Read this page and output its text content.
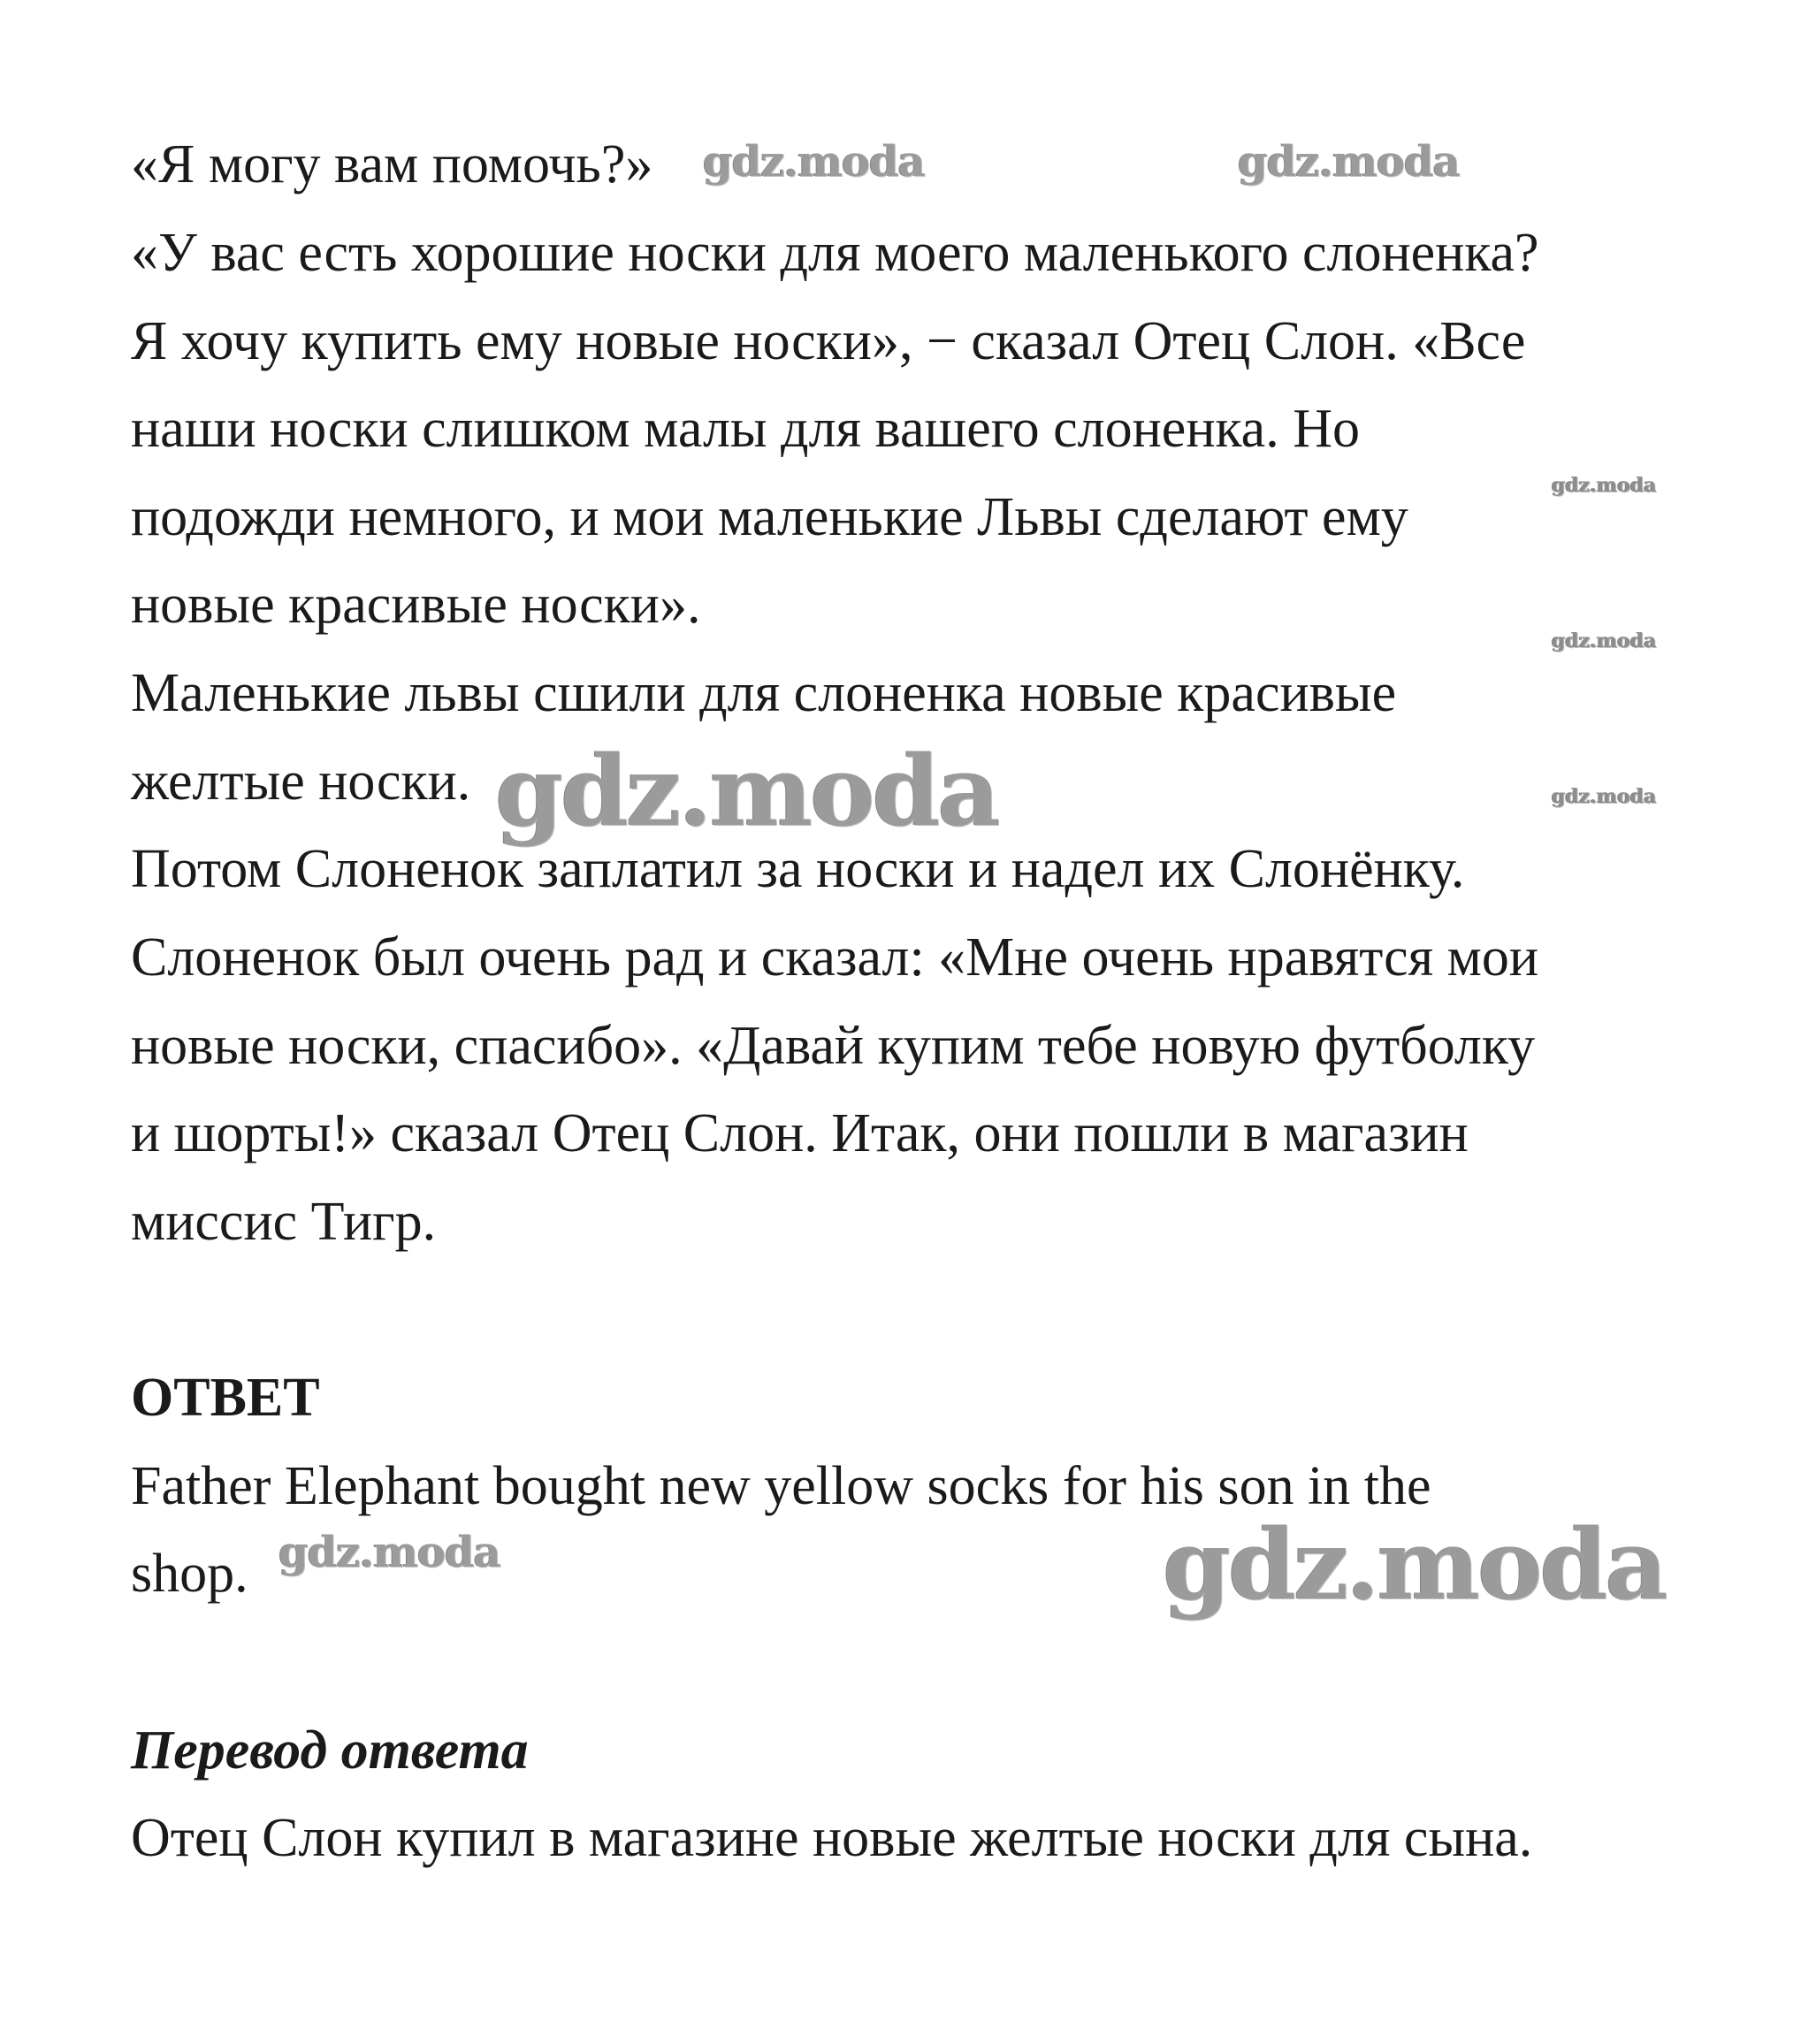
«Я могу вам помочь?»
«У вас есть хорошие носки для моего маленького слоненка?
Я хочу купить ему новые носки», − сказал Отец Слон. «Все
наши носки слишком малы для вашего слоненка. Но
подожди немного, и мои маленькие Львы сделают ему
новые красивые носки».
Маленькие львы сшили для слоненка новые красивые
желтые носки.
Потом Слоненок заплатил за носки и надел их Слонёнку.
Слоненок был очень рад и сказал: «Мне очень нравятся мои
новые носки, спасибо». «Давай купим тебе новую футболку
и шорты!» сказал Отец Слон. Итак, они пошли в магазин
миссис Тигр.
ОТВЕТ
Father Elephant bought new yellow socks for his son in the
shop.
Перевод ответа
Отец Слон купил в магазине новые желтые носки для сына.
gdz.moda	gdz.moda
gdz.moda
gdz.moda
gdz.moda
gdz.moda
gdz.moda	gdz.moda
